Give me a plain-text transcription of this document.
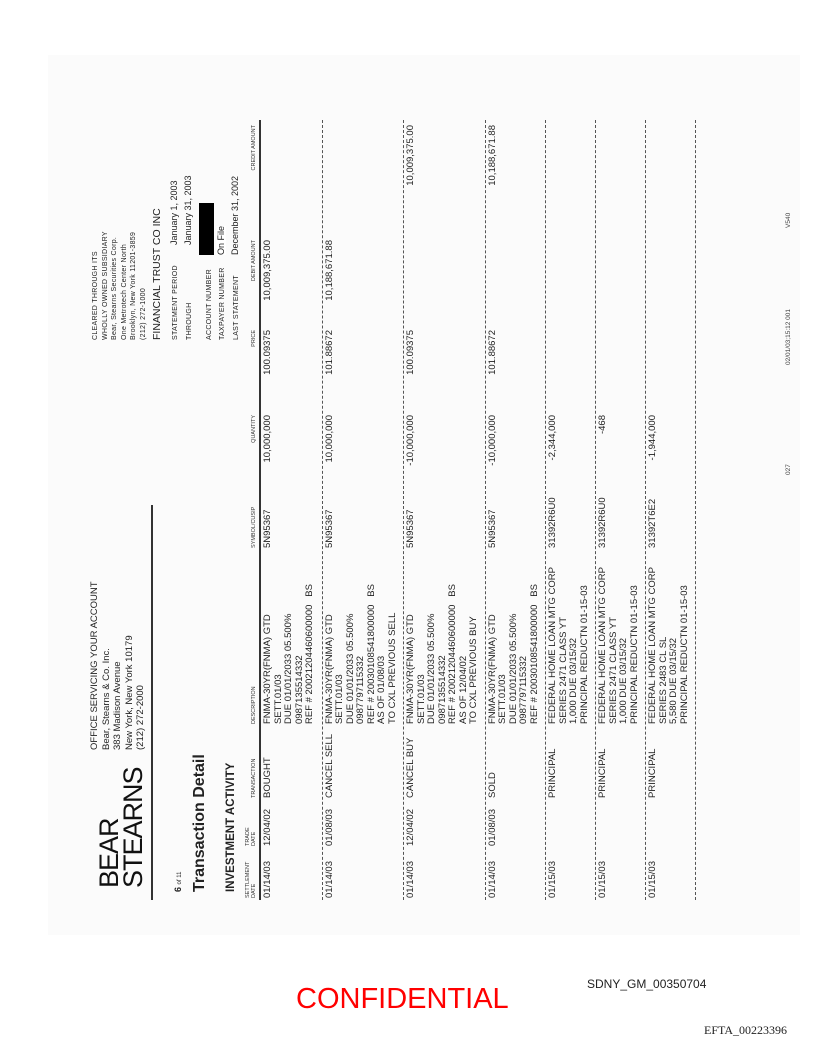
BEAR
STEARNS
OFFICE SERVICING YOUR ACCOUNT Bear, Stearns & Co. Inc. 383 Madison Avenue New York, New York 10179 (212) 272-2000
CLEARED THROUGH ITS WHOLLY OWNED SUBSIDIARY Bear, Stearns Securities Corp. One Metrotech Center North Brooklyn, New York 11201-3859 (212) 272-1000 FINANCIAL TRUST CO INC STATEMENT PERIOD
January 1, 2003
THROUGH
January 31, 2003
ACCOUNT NUMBER TAXPAYER NUMBER
On File
LAST STATEMENT
December 31, 2002
6 of 11 Transaction Detail INVESTMENT ACTIVITY SETTLEMENT DATE
TRADE DATE
TRANSACTION
DESCRIPTION
SYMBOL/CUSIP
QUANTITY
PRICE
DEBIT AMOUNT
CREDIT AMOUNT
01/14/03
12/04/02
BOUGHT
5N95367
10,000,000
100.09375
10,009,375.00
FNMA-30YR(FNMA) GTD SETT.01/03 DUE 01/01/2033 05.500% 0987135514332 REF # 20021204460600000   BS
01/14/03
01/08/03
CANCEL SELL
5N95367
10,000,000
101.88672
10,188,671.88
FNMA-30YR(FNMA) GTD SETT.01/03 DUE 01/01/2033 05.500% 0987797115332 REF # 20030108541800000   BS AS OF 01/08/03 TO CXL PREVIOUS SELL
01/14/03
12/04/02
CANCEL BUY
5N95367
-10,000,000
100.09375
10,009,375.00
FNMA-30YR(FNMA) GTD SETT.01/03 DUE 01/01/2033 05.500% 0987135514332 REF # 20021204460600000   BS AS OF 12/04/02 TO CXL PREVIOUS BUY
01/14/03
01/08/03
SOLD
5N95367
-10,000,000
101.88672
10,188,671.88
FNMA-30YR(FNMA) GTD SETT.01/03 DUE 01/01/2033 05.500% 0987797115332 REF # 20030108541800000   BS
01/15/03
PRINCIPAL
31392R6U0
-2,344,000
FEDERAL HOME LOAN MTG CORP SERIES 2471 CLASS YT 1,000 DUE 03/15/32 PRINCIPAL REDUCTN 01-15-03
01/15/03
PRINCIPAL
31392R6U0
-468
FEDERAL HOME LOAN MTG CORP SERIES 2471 CLASS YT 1,000 DUE 03/15/32 PRINCIPAL REDUCTN 01-15-03
01/15/03
PRINCIPAL
31392T6E2
-1,944,000
FEDERAL HOME LOAN MTG CORP SERIES 2483 CL SL 5,580 DUE 03/15/32 PRINCIPAL REDUCTN 01-15-03
027
02/01/03;15:12 001
V540
CONFIDENTIAL	SDNY_GM_00350704
EFTA_00223396
